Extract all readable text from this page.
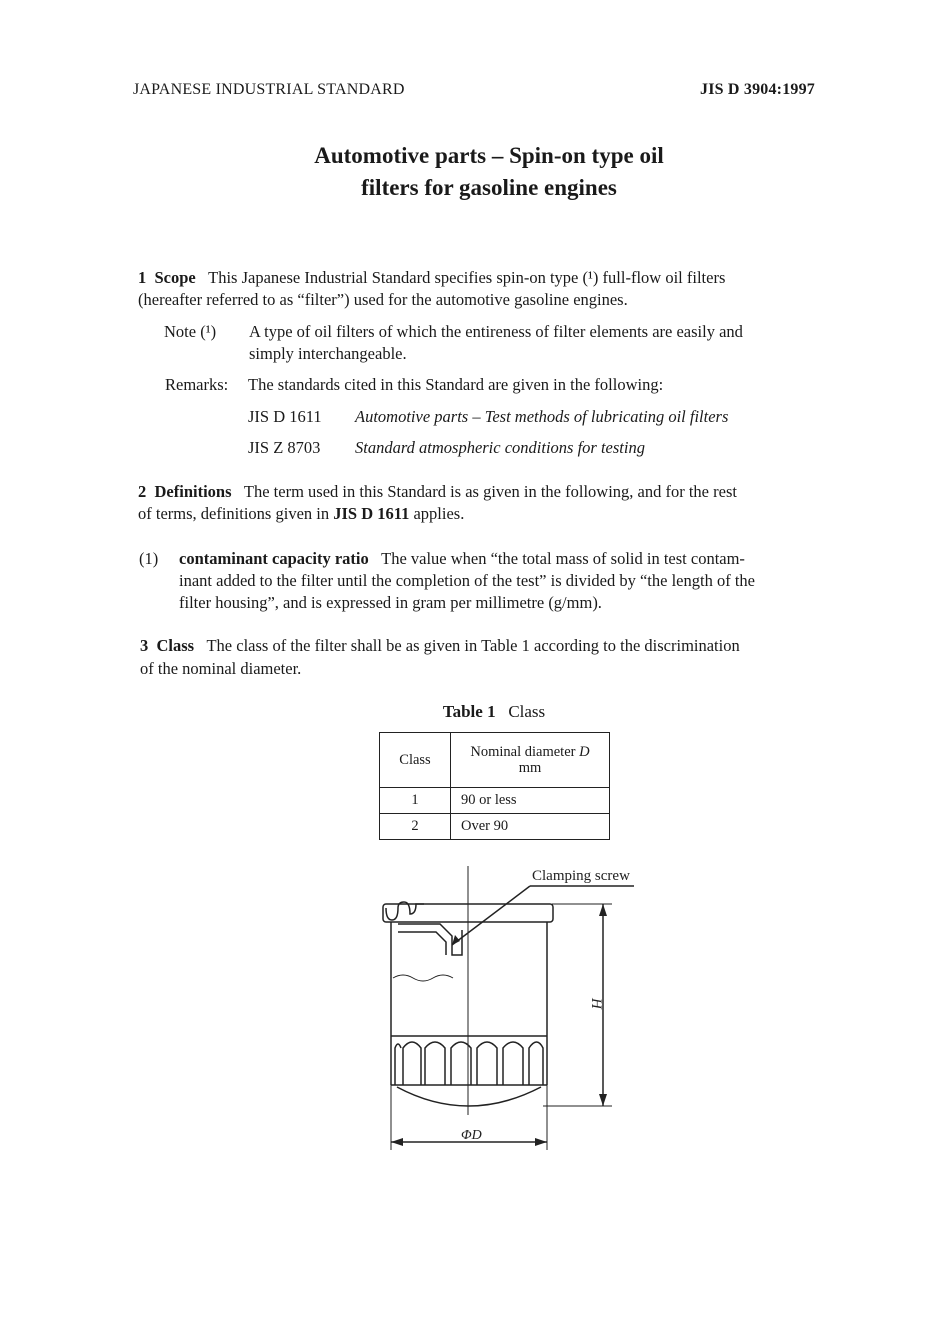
JAPANESE INDUSTRIAL STANDARD	JIS D 3904:1997
Automotive parts – Spin-on type oil
filters for gasoline engines
1 Scope This Japanese Industrial Standard specifies spin-on type (¹) full-flow oil filters
(hereafter referred to as “filter”) used for the automotive gasoline engines.
Note (¹) A type of oil filters of which the entireness of filter elements are easily and
simply interchangeable.
Remarks: The standards cited in this Standard are given in the following:
JIS D 1611 Automotive parts – Test methods of lubricating oil filters
JIS Z 8703 Standard atmospheric conditions for testing
2 Definitions The term used in this Standard is as given in the following, and for the rest
of terms, definitions given in JIS D 1611 applies.
(1) contaminant capacity ratio The value when “the total mass of solid in test contam-
inant added to the filter until the completion of the test” is divided by “the length of the
filter housing”, and is expressed in gram per millimetre (g/mm).
3 Class The class of the filter shall be as given in Table 1 according to the discrimination
of the nominal diameter.
Table 1 Class
Class	Nominal diameter D
mm
1	90 or less
2	Over 90
Clamping screw
H
ΦD
